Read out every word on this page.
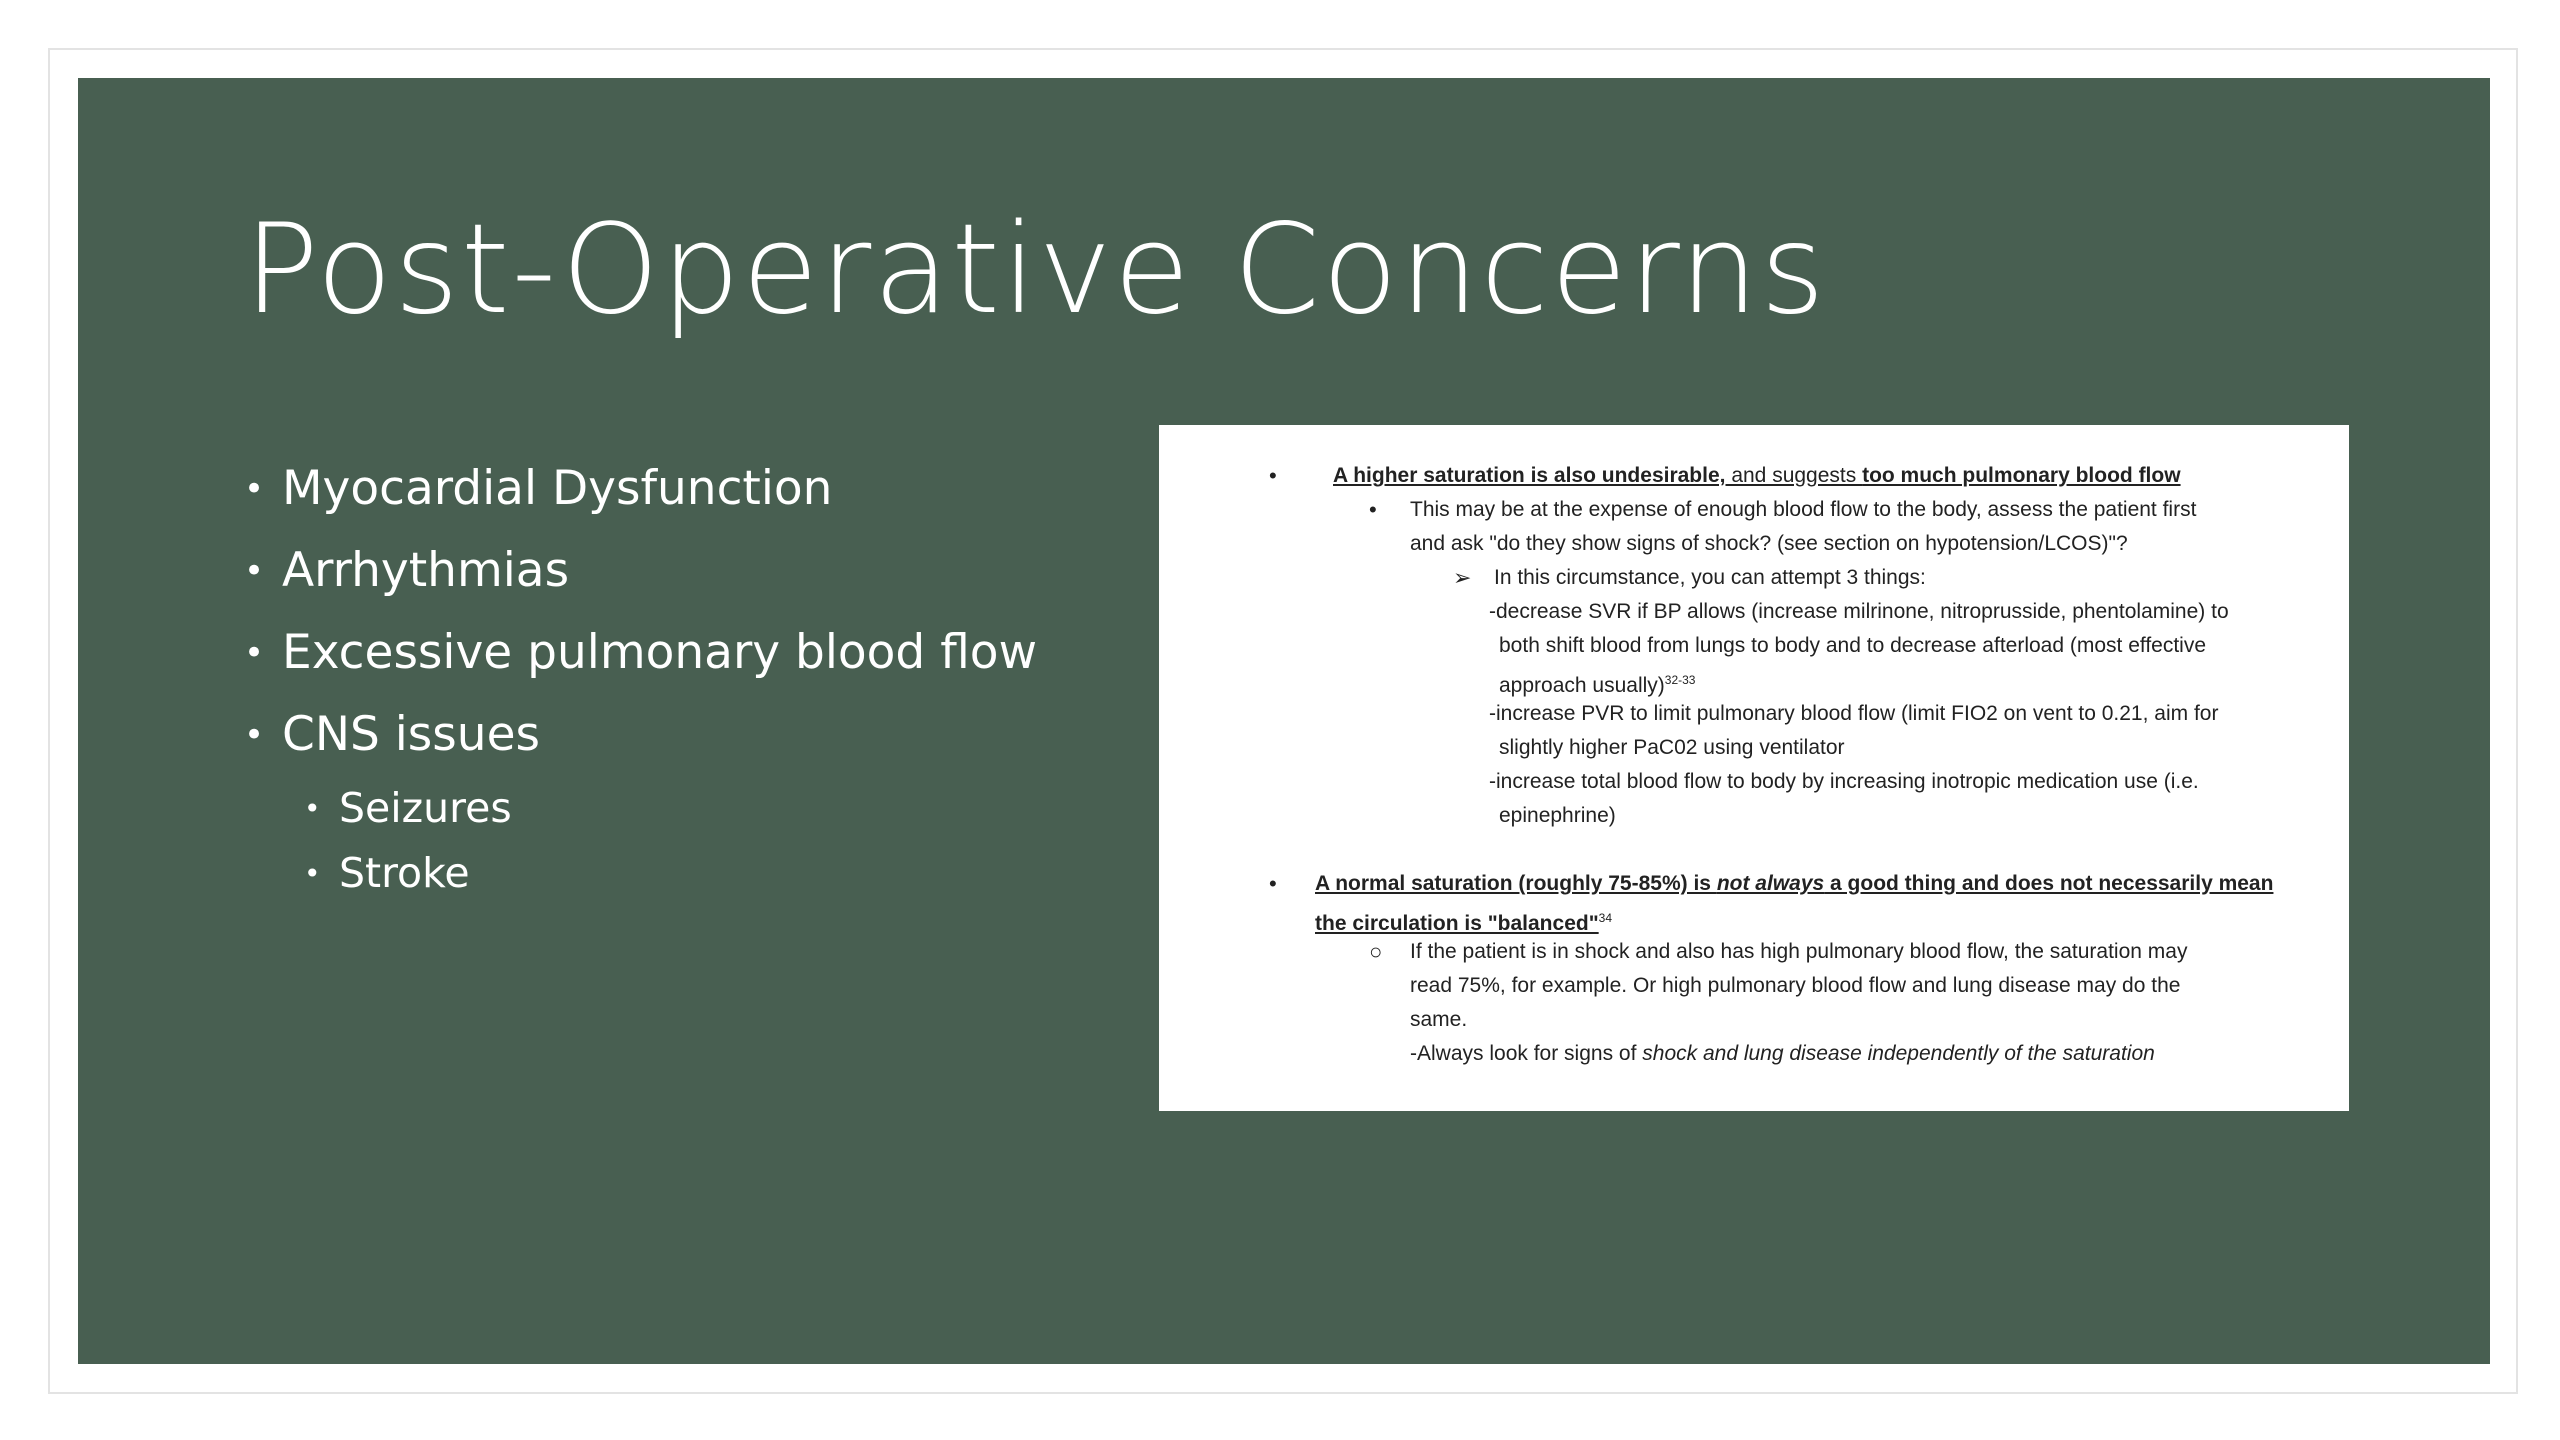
Post-Operative Concerns
• Myocardial Dysfunction
• Arrhythmias
• Excessive pulmonary blood flow
• CNS issues
• Seizures
• Stroke
•	A higher saturation is also undesirable, and suggests too much pulmonary blood flow
• This may be at the expense of enough blood flow to the body, assess the patient first
and ask "do they show signs of shock? (see section on hypotension/LCOS)"?
➢ In this circumstance, you can attempt 3 things:
-decrease SVR if BP allows (increase milrinone, nitroprusside, phentolamine) to
both shift blood from lungs to body and to decrease afterload (most effective
approach usually)$^{32-33}$
-increase PVR to limit pulmonary blood flow (limit FIO2 on vent to 0.21, aim for
slightly higher PaC02 using ventilator
-increase total blood flow to body by increasing inotropic medication use (i.e.
epinephrine)
• A normal saturation (roughly 75-85%) is not always a good thing and does not necessarily mean
the circulation is "balanced"$^{34}$
○ If the patient is in shock and also has high pulmonary blood flow, the saturation may
read 75%, for example. Or high pulmonary blood flow and lung disease may do the
same.
-Always look for signs of shock and lung disease independently of the saturation
